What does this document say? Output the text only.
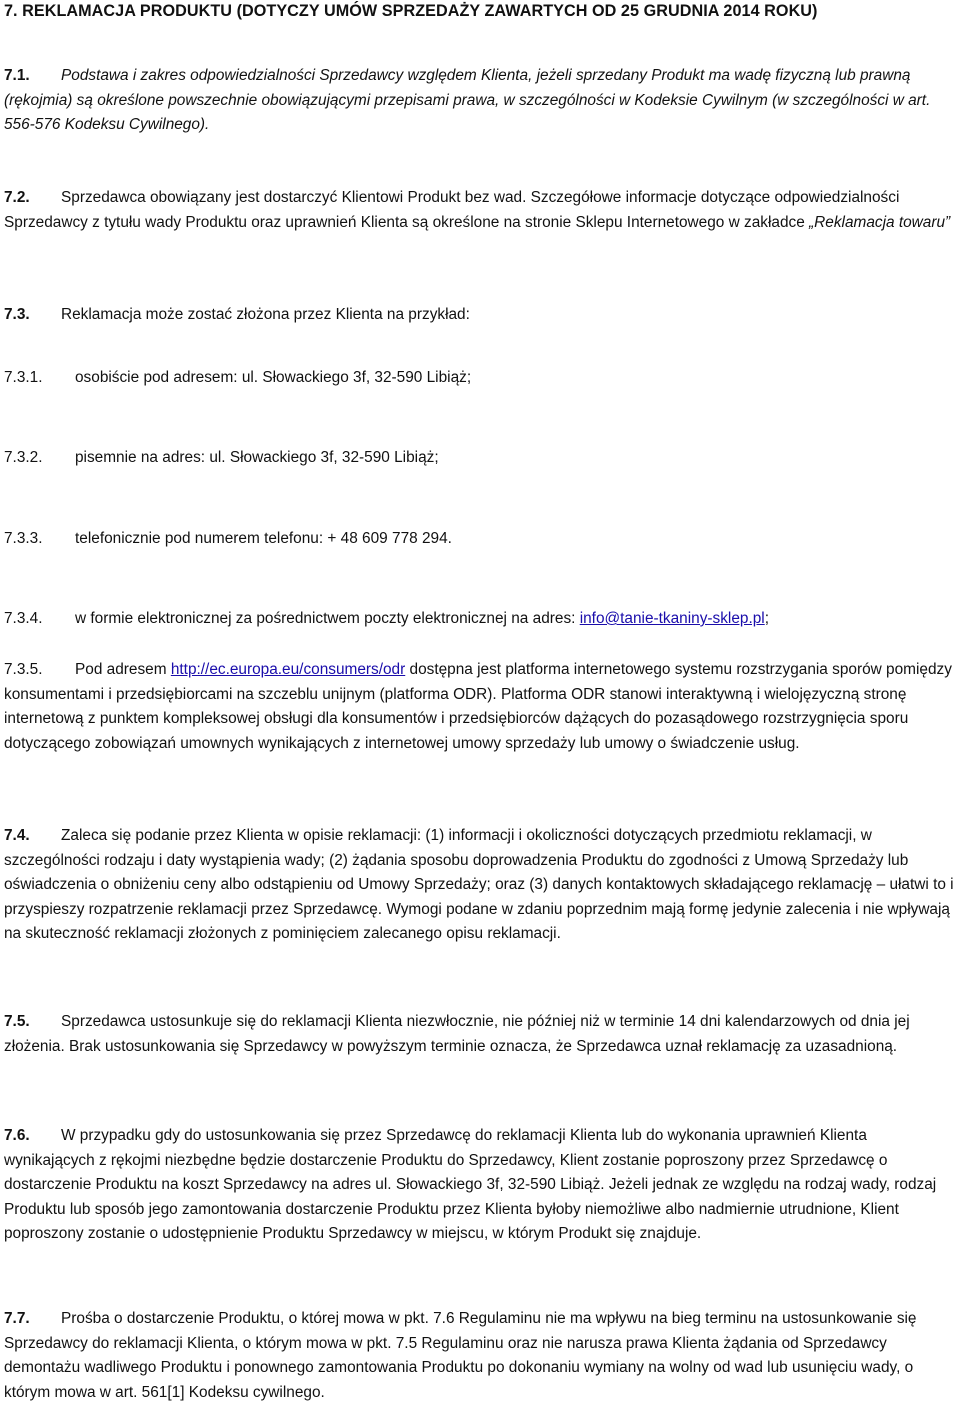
7. REKLAMACJA PRODUKTU (DOTYCZY UMÓW SPRZEDAŻY ZAWARTYCH OD 25 GRUDNIA 2014 ROKU)
7.1. Podstawa i zakres odpowiedzialności Sprzedawcy względem Klienta, jeżeli sprzedany Produkt ma wadę fizyczną lub prawną (rękojmia) są określone powszechnie obowiązującymi przepisami prawa, w szczególności w Kodeksie Cywilnym (w szczególności w art. 556-576 Kodeksu Cywilnego).
7.2. Sprzedawca obowiązany jest dostarczyć Klientowi Produkt bez wad. Szczegółowe informacje dotyczące odpowiedzialności Sprzedawcy z tytułu wady Produktu oraz uprawnień Klienta są określone na stronie Sklepu Internetowego w zakładce „Reklamacja towaru”
7.3. Reklamacja może zostać złożona przez Klienta na przykład:
7.3.1. osobiście pod adresem: ul. Słowackiego 3f, 32-590 Libiąż;
7.3.2. pisemnie na adres: ul. Słowackiego 3f, 32-590 Libiąż;
7.3.3. telefonicznie pod numerem telefonu: + 48 609 778 294.
7.3.4. w formie elektronicznej za pośrednictwem poczty elektronicznej na adres: info@tanie-tkaniny-sklep.pl;
7.3.5. Pod adresem http://ec.europa.eu/consumers/odr dostępna jest platforma internetowego systemu rozstrzygania sporów pomiędzy konsumentami i przedsiębiorcami na szczeblu unijnym (platforma ODR). Platforma ODR stanowi interaktywną i wielojęzyczną stronę internetową z punktem kompleksowej obsługi dla konsumentów i przedsiębiorców dążących do pozasądowego rozstrzygnięcia sporu dotyczącego zobowiązań umownych wynikających z internetowej umowy sprzedaży lub umowy o świadczenie usług.
7.4. Zaleca się podanie przez Klienta w opisie reklamacji: (1) informacji i okoliczności dotyczących przedmiotu reklamacji, w szczególności rodzaju i daty wystąpienia wady; (2) żądania sposobu doprowadzenia Produktu do zgodności z Umową Sprzedaży lub oświadczenia o obniżeniu ceny albo odstąpieniu od Umowy Sprzedaży; oraz (3) danych kontaktowych składającego reklamację – ułatwi to i przyspieszy rozpatrzenie reklamacji przez Sprzedawcę. Wymogi podane w zdaniu poprzednim mają formę jedynie zalecenia i nie wpływają na skuteczność reklamacji złożonych z pominięciem zalecanego opisu reklamacji.
7.5. Sprzedawca ustosunkuje się do reklamacji Klienta niezwłocznie, nie później niż w terminie 14 dni kalendarzowych od dnia jej złożenia. Brak ustosunkowania się Sprzedawcy w powyższym terminie oznacza, że Sprzedawca uznał reklamację za uzasadnioną.
7.6. W przypadku gdy do ustosunkowania się przez Sprzedawcę do reklamacji Klienta lub do wykonania uprawnień Klienta wynikających z rękojmi niezbędne będzie dostarczenie Produktu do Sprzedawcy, Klient zostanie poproszony przez Sprzedawcę o dostarczenie Produktu na koszt Sprzedawcy na adres ul. Słowackiego 3f, 32-590 Libiąż. Jeżeli jednak ze względu na rodzaj wady, rodzaj Produktu lub sposób jego zamontowania dostarczenie Produktu przez Klienta byłoby niemożliwe albo nadmiernie utrudnione, Klient poproszony zostanie o udostępnienie Produktu Sprzedawcy w miejscu, w którym Produkt się znajduje.
7.7. Prośba o dostarczenie Produktu, o której mowa w pkt. 7.6 Regulaminu nie ma wpływu na bieg terminu na ustosunkowanie się Sprzedawcy do reklamacji Klienta, o którym mowa w pkt. 7.5 Regulaminu oraz nie narusza prawa Klienta żądania od Sprzedawcy demontażu wadliwego Produktu i ponownego zamontowania Produktu po dokonaniu wymiany na wolny od wad lub usunięciu wady, o którym mowa w art. 561[1] Kodeksu cywilnego.
